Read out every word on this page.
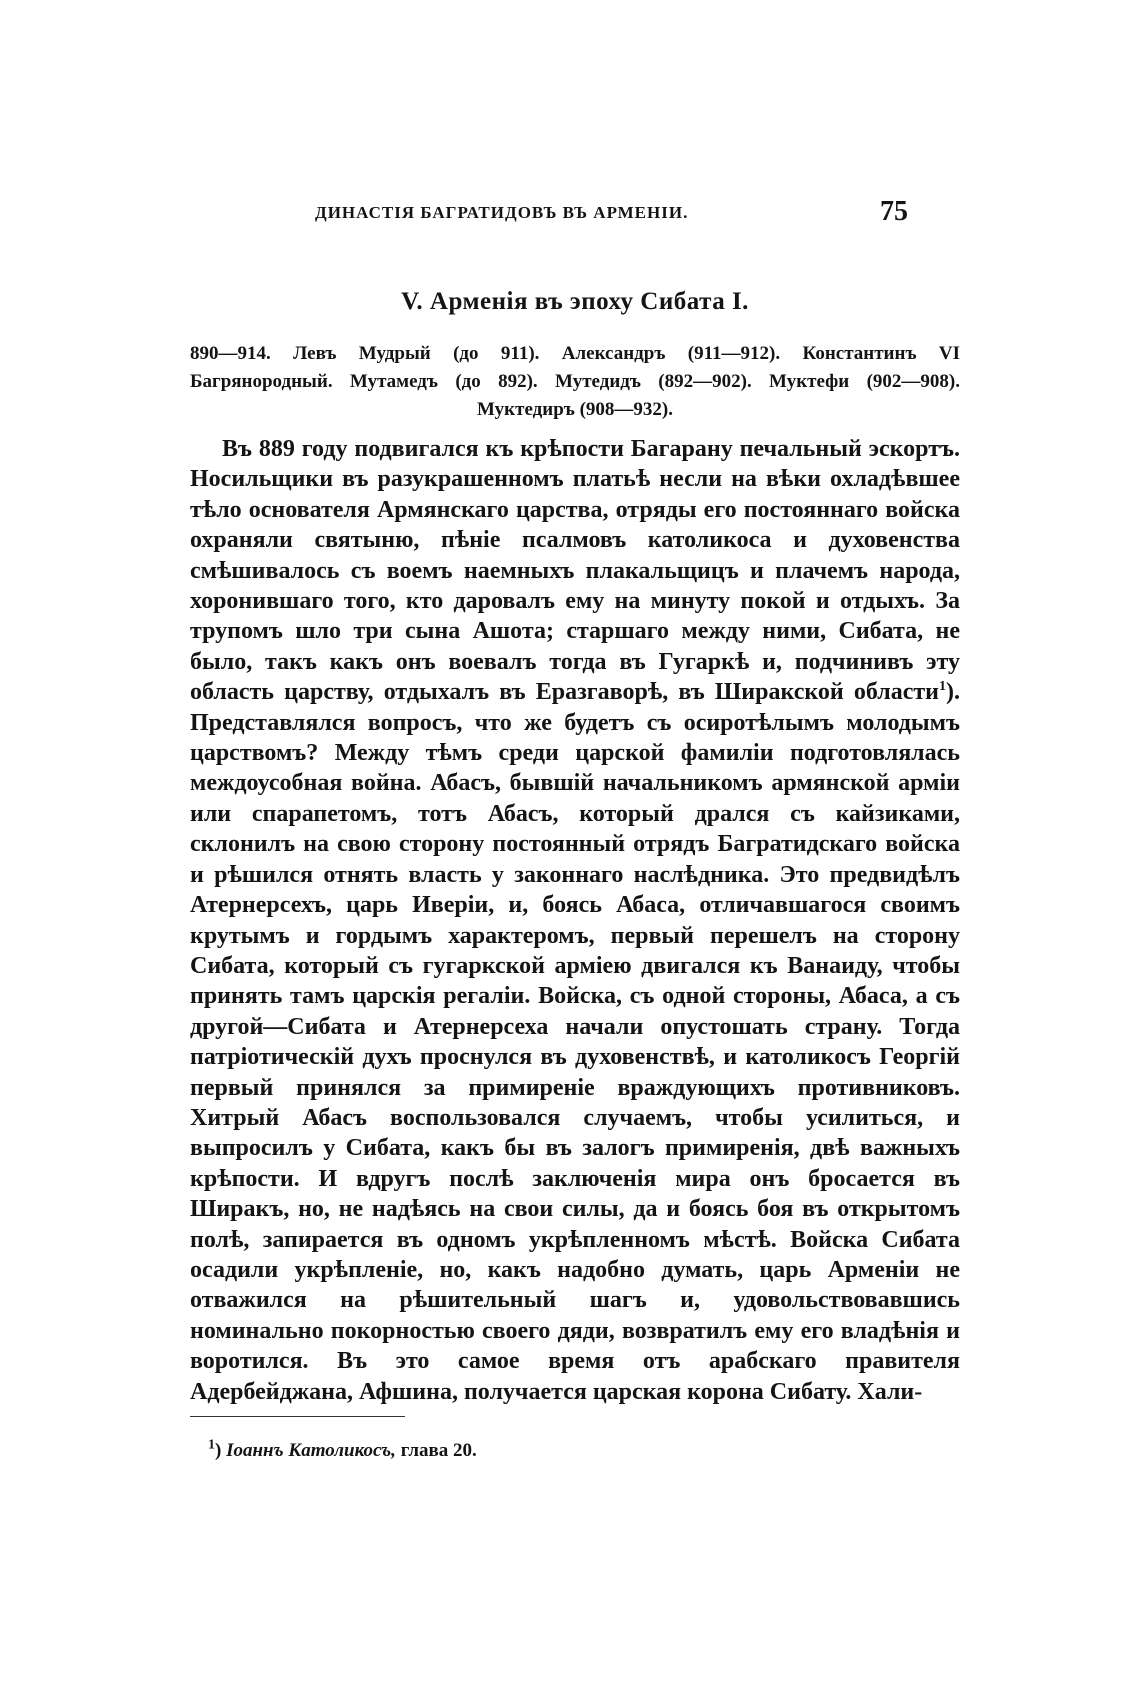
ДИНАСТІЯ БАГРАТИДОВЪ ВЪ АРМЕНІИ.	75
V. Арменія въ эпоху Сибата I.
890—914. Левъ Мудрый (до 911). Александръ (911—912). Константинъ VI Багрянородный. Мутамедъ (до 892). Мутедидъ (892—902). Муктефи (902—908). Муктедиръ (908—932).
Въ 889 году подвигался къ крѣпости Багарану печальный эскортъ. Носильщики въ разукрашенномъ платьѣ несли на вѣки охладѣвшее тѣло основателя Армянскаго царства, отряды его постояннаго войска охраняли святыню, пѣніе псалмовъ католикоса и духовенства смѣшивалось съ воемъ наемныхъ плакальщицъ и плачемъ народа, хоронившаго того, кто даровалъ ему на минуту покой и отдыхъ. За трупомъ шло три сына Ашота; старшаго между ними, Сибата, не было, такъ какъ онъ воевалъ тогда въ Гугаркѣ и, подчинивъ эту область царству, отдыхалъ въ Еразгаворѣ, въ Ширакской области$^1$). Представлялся вопросъ, что же будетъ съ осиротѣлымъ молодымъ царствомъ? Между тѣмъ среди царской фамиліи подготовлялась междоусобная война. Абасъ, бывшій начальникомъ армянской арміи или спарапетомъ, тотъ Абасъ, который дрался съ кайзиками, склонилъ на свою сторону постоянный отрядъ Багратидскаго войска и рѣшился отнять власть у законнаго наслѣдника. Это предвидѣлъ Атернерсехъ, царь Иверіи, и, боясь Абаса, отличавшагося своимъ крутымъ и гордымъ характеромъ, первый перешелъ на сторону Сибата, который съ гугаркской арміею двигался къ Ванаиду, чтобы принять тамъ царскія регаліи. Войска, съ одной стороны, Абаса, а съ другой—Сибата и Атернерсеха начали опустошать страну. Тогда патріотическій духъ проснулся въ духовенствѣ, и католикосъ Георгій первый принялся за примиреніе враждующихъ противниковъ. Хитрый Абасъ воспользовался случаемъ, чтобы усилиться, и выпросилъ у Сибата, какъ бы въ залогъ примиренія, двѣ важныхъ крѣпости. И вдругъ послѣ заключенія мира онъ бросается въ Ширакъ, но, не надѣясь на свои силы, да и боясь боя въ открытомъ полѣ, запирается въ одномъ укрѣпленномъ мѣстѣ. Войска Сибата осадили укрѣпленіе, но, какъ надобно думать, царь Арменіи не отважился на рѣшительный шагъ и, удовольствовавшись номинально покорностью своего дяди, возвратилъ ему его владѣнія и воротился. Въ это самое время отъ арабскаго правителя Адербейджана, Афшина, получается царская корона Сибату. Хали-
$^1$) Іоаннъ Католикосъ, глава 20.
